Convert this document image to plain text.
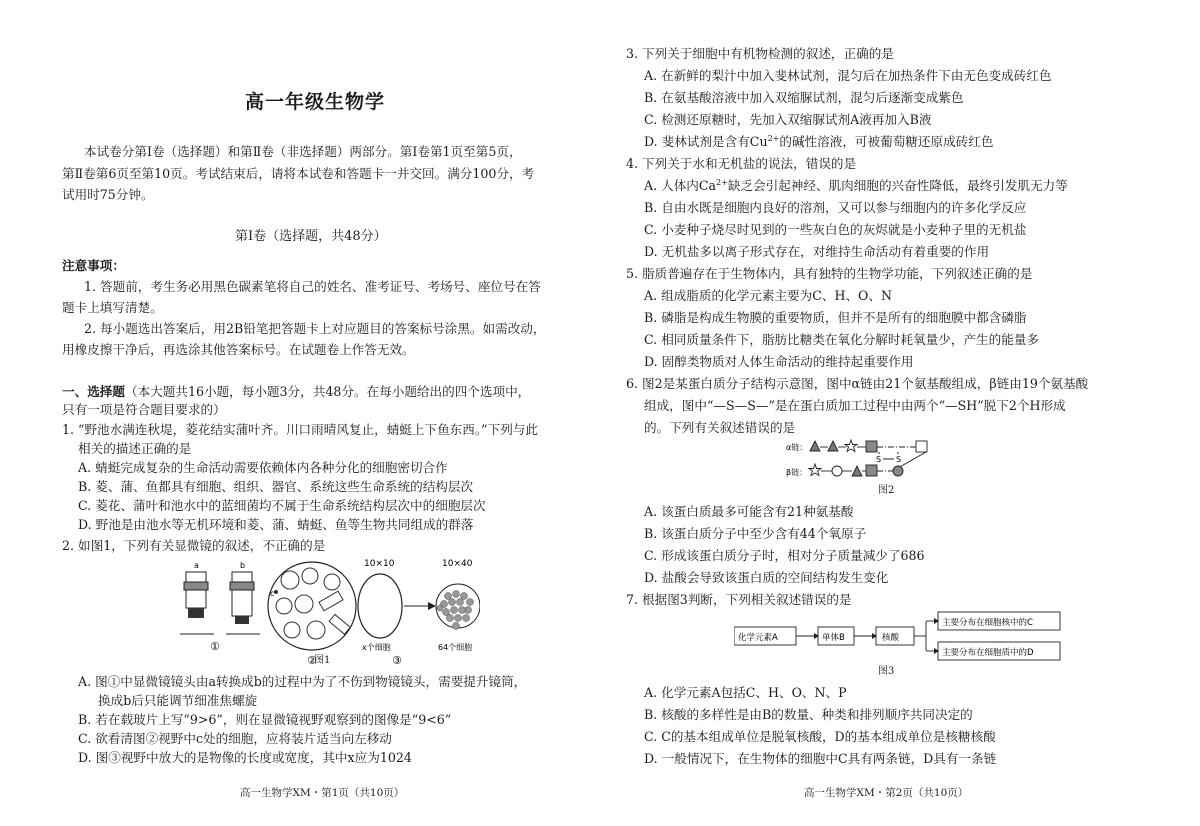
高一年级生物学
本试卷分第Ⅰ卷（选择题）和第Ⅱ卷（非选择题）两部分。第Ⅰ卷第1页至第5页，
第Ⅱ卷第6页至第10页。考试结束后，请将本试卷和答题卡一并交回。满分100分，考
试用时75分钟。
第Ⅰ卷（选择题，共48分）
注意事项：
1. 答题前，考生务必用黑色碳素笔将自己的姓名、准考证号、考场号、座位号在答
题卡上填写清楚。
2. 每小题选出答案后，用2B铅笔把答题卡上对应题目的答案标号涂黑。如需改动，
用橡皮擦干净后，再选涂其他答案标号。在试题卷上作答无效。
一、选择题（本大题共16小题，每小题3分，共48分。在每小题给出的四个选项中，
只有一项是符合题目要求的）
1. “野池水满连秋堤，菱花结实蒲叶齐。川口雨晴风复止，蜻蜓上下鱼东西。”下列与此
相关的描述正确的是
A. 蜻蜓完成复杂的生命活动需要依赖体内各种分化的细胞密切合作
B. 菱、蒲、鱼都具有细胞、组织、器官、系统这些生命系统的结构层次
C. 菱花、蒲叶和池水中的蓝细菌均不属于生命系统结构层次中的细胞层次
D. 野池是由池水等无机环境和菱、蒲、蜻蜓、鱼等生物共同组成的群落
2. 如图1，下列有关显微镜的叙述，不正确的是
a	b
①
c
②
10×10
x个细胞
10×40
64个细胞
③
图1
A. 图①中显微镜镜头由a转换成b的过程中为了不伤到物镜镜头，需要提升镜筒，
换成b后只能调节细准焦螺旋
B. 若在载玻片上写“9>6”，则在显微镜视野观察到的图像是“9<6”
C. 欲看清图②视野中c处的细胞，应将装片适当向左移动
D. 图③视野中放大的是物像的长度或宽度，其中x应为1024
高一生物学XM・第1页（共10页）
3. 下列关于细胞中有机物检测的叙述，正确的是
A. 在新鲜的梨汁中加入斐林试剂，混匀后在加热条件下由无色变成砖红色
B. 在氨基酸溶液中加入双缩脲试剂，混匀后逐渐变成紫色
C. 检测还原糖时，先加入双缩脲试剂A液再加入B液
D. 斐林试剂是含有$Cu^{2+}$的碱性溶液，可被葡萄糖还原成砖红色
4. 下列关于水和无机盐的说法，错误的是
A. 人体内$Ca^{2+}$缺乏会引起神经、肌肉细胞的兴奋性降低，最终引发肌无力等
B. 自由水既是细胞内良好的溶剂，又可以参与细胞内的许多化学反应
C. 小麦种子烧尽时见到的一些灰白色的灰烬就是小麦种子里的无机盐
D. 无机盐多以离子形式存在，对维持生命活动有着重要的作用
5. 脂质普遍存在于生物体内，具有独特的生物学功能，下列叙述正确的是
A. 组成脂质的化学元素主要为C、H、O、N
B. 磷脂是构成生物膜的重要物质，但并不是所有的细胞膜中都含磷脂
C. 相同质量条件下，脂肪比糖类在氧化分解时耗氧量少，产生的能量多
D. 固醇类物质对人体生命活动的维持起重要作用
6. 图2是某蛋白质分子结构示意图，图中α链由21个氨基酸组成，β链由19个氨基酸
组成，图中“—S—S—”是在蛋白质加工过程中由两个“—SH”脱下2个H形成
的。下列有关叙述错误的是
α链：
S S
β链：
图2
A. 该蛋白质最多可能含有21种氨基酸
B. 该蛋白质分子中至少含有44个氧原子
C. 形成该蛋白质分子时，相对分子质量减少了686
D. 盐酸会导致该蛋白质的空间结构发生变化
7. 根据图3判断，下列相关叙述错误的是
化学元素A	单体B	核酸
主要分布在细胞核中的C
主要分布在细胞质中的D
图3
A. 化学元素A包括C、H、O、N、P
B. 核酸的多样性是由B的数量、种类和排列顺序共同决定的
C. C的基本组成单位是脱氧核酸，D的基本组成单位是核糖核酸
D. 一般情况下，在生物体的细胞中C具有两条链，D具有一条链
高一生物学XM・第2页（共10页）
